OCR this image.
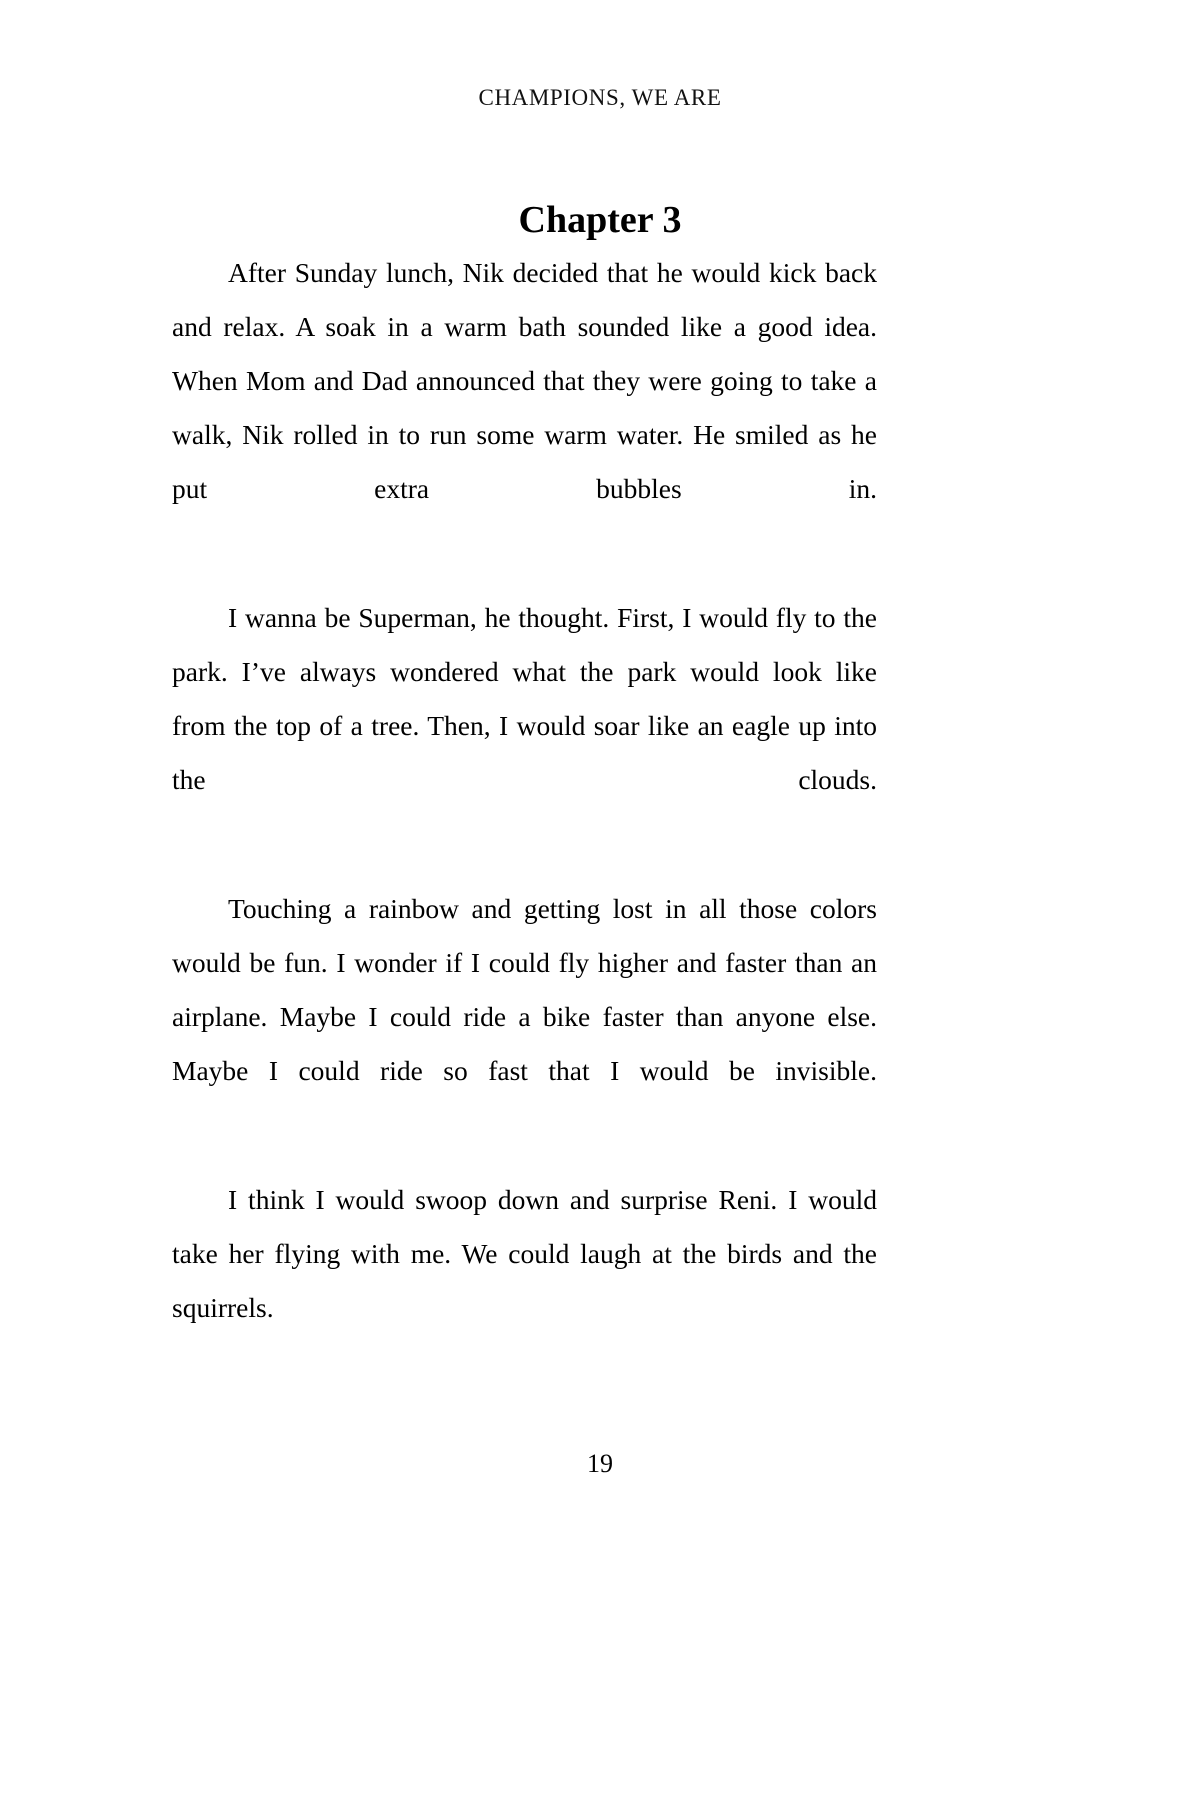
CHAMPIONS, WE ARE
Chapter 3

After Sunday lunch, Nik decided that he would kick back and relax. A soak in a warm bath sounded like a good idea. When Mom and Dad announced that they were going to take a walk, Nik rolled in to run some warm water. He smiled as he put extra bubbles in.

I wanna be Superman, he thought. First, I would fly to the park. I’ve always wondered what the park would look like from the top of a tree. Then, I would soar like an eagle up into the clouds.

Touching a rainbow and getting lost in all those colors would be fun. I wonder if I could fly higher and faster than an airplane. Maybe I could ride a bike faster than anyone else. Maybe I could ride so fast that I would be invisible.

I think I would swoop down and surprise Reni. I would take her flying with me. We could laugh at the birds and the squirrels.

19
